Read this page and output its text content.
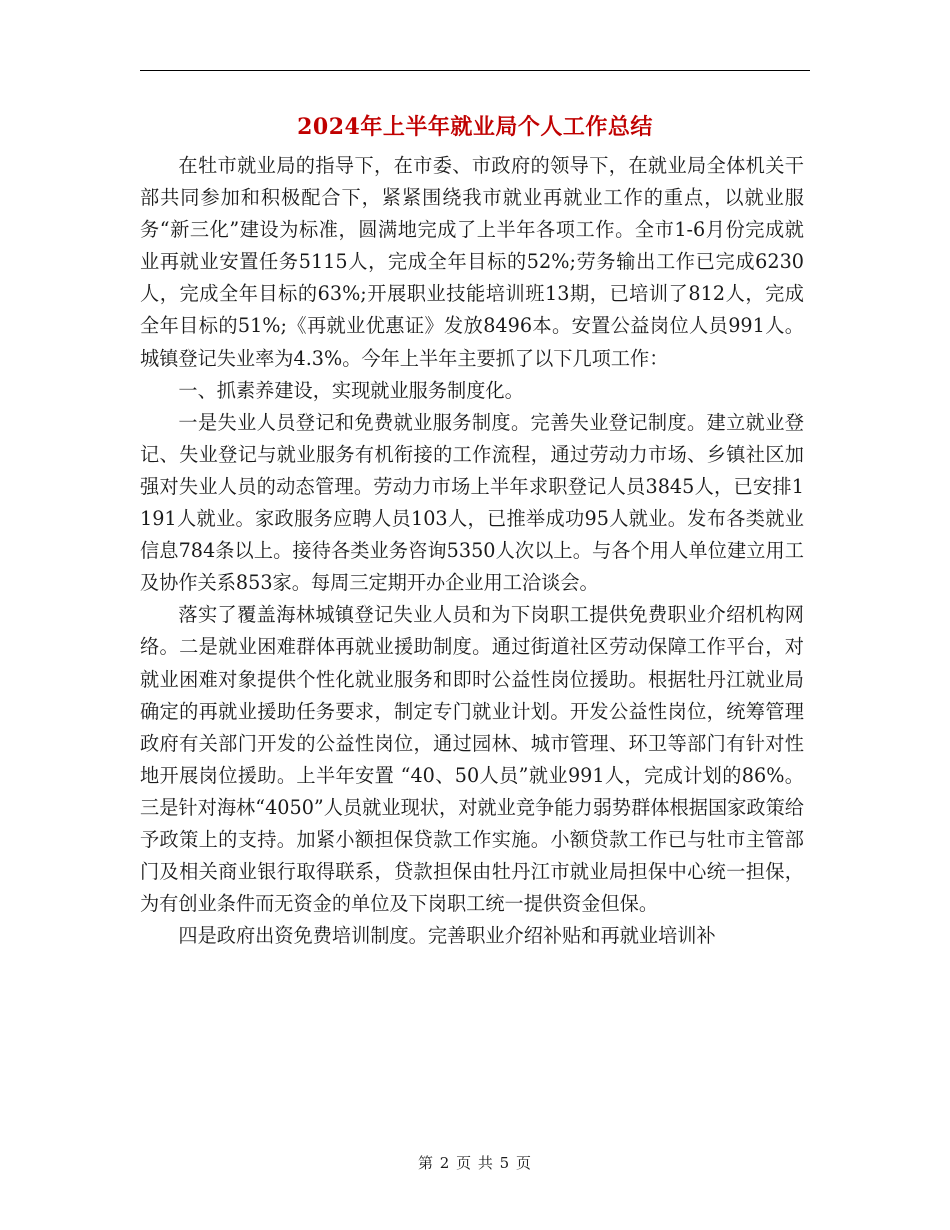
2024年上半年就业局个人工作总结

在牡市就业局的指导下，在市委、市政府的领导下，在就业局全体机关干部共同参加和积极配合下，紧紧围绕我市就业再就业工作的重点，以就业服务“新三化”建设为标准，圆满地完成了上半年各项工作。全市1-6月份完成就业再就业安置任务5115人，完成全年目标的52%;劳务输出工作已完成6230人，完成全年目标的63%;开展职业技能培训班13期，已培训了812人，完成全年目标的51%;《再就业优惠证》发放8496本。安置公益岗位人员991人。城镇登记失业率为4.3%。今年上半年主要抓了以下几项工作：

一、抓素养建设，实现就业服务制度化。

一是失业人员登记和免费就业服务制度。完善失业登记制度。建立就业登记、失业登记与就业服务有机衔接的工作流程，通过劳动力市场、乡镇社区加强对失业人员的动态管理。劳动力市场上半年求职登记人员3845人，已安排1191人就业。家政服务应聘人员103人，已推举成功95人就业。发布各类就业信息784条以上。接待各类业务咨询5350人次以上。与各个用人单位建立用工及协作关系853家。每周三定期开办企业用工洽谈会。

落实了覆盖海林城镇登记失业人员和为下岗职工提供免费职业介绍机构网络。二是就业困难群体再就业援助制度。通过街道社区劳动保障工作平台，对就业困难对象提供个性化就业服务和即时公益性岗位援助。根据牡丹江就业局确定的再就业援助任务要求，制定专门就业计划。开发公益性岗位，统筹管理政府有关部门开发的公益性岗位，通过园林、城市管理、环卫等部门有针对性地开展岗位援助。上半年安置 “40、50人员”就业991人，完成计划的86%。三是针对海林“4050”人员就业现状，对就业竞争能力弱势群体根据国家政策给予政策上的支持。加紧小额担保贷款工作实施。小额贷款工作已与牡市主管部门及相关商业银行取得联系，贷款担保由牡丹江市就业局担保中心统一担保，为有创业条件而无资金的单位及下岗职工统一提供资金但保。

四是政府出资免费培训制度。完善职业介绍补贴和再就业培训补

第 2 页 共 5 页
